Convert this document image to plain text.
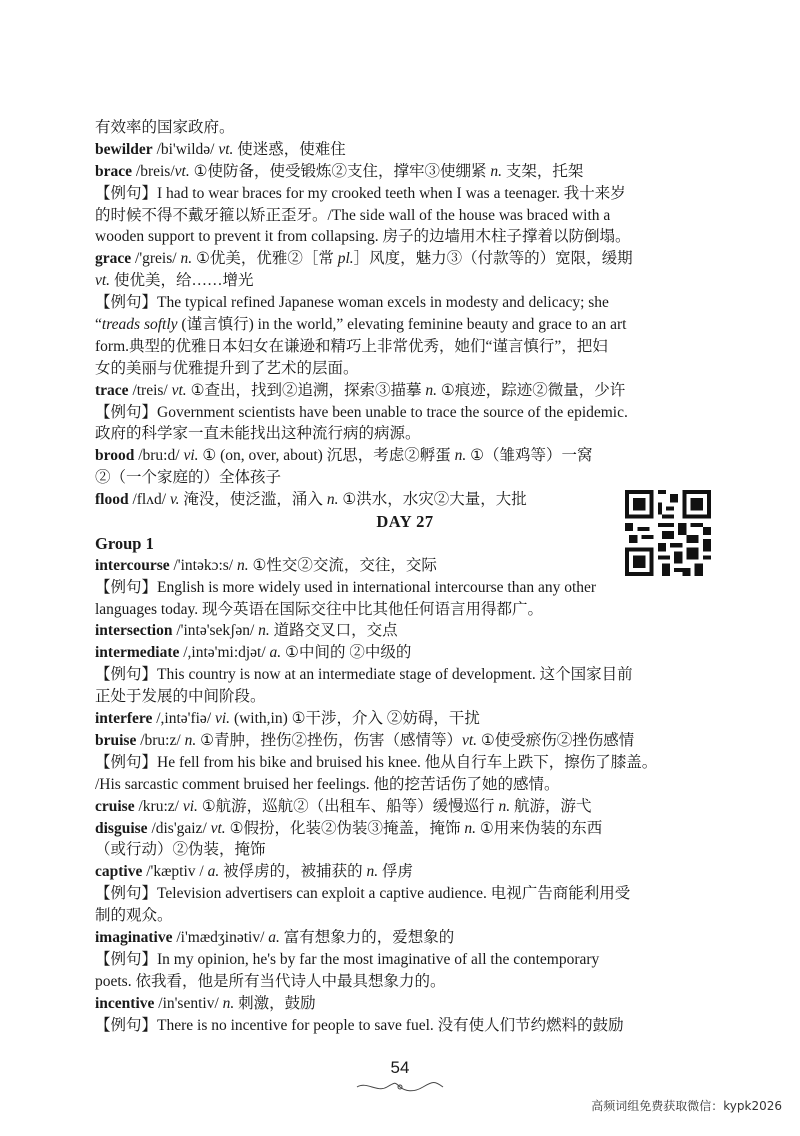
有效率的国家政府。
bewilder /bi'wildə/ vt. 使迷惑，使难住
brace /breis/vt. ①使防备，使受锻炼②支住，撑牢③使绷紧 n. 支架，托架
【例句】I had to wear braces for my crooked teeth when I was a teenager. 我十来岁
的时候不得不戴牙箍以矫正歪牙。/The side wall of the house was braced with a
wooden support to prevent it from collapsing. 房子的边墙用木柱子撑着以防倒塌。
grace /'greis/ n. ①优美，优雅②［常 pl.］风度，魅力③（付款等的）宽限，缓期
vt. 使优美，给……增光
【例句】The typical refined Japanese woman excels in modesty and delicacy; she
“treads softly (谨言慎行) in the world,” elevating feminine beauty and grace to an art
form.典型的优雅日本妇女在谦逊和精巧上非常优秀，她们“谨言慎行”，把妇
女的美丽与优雅提升到了艺术的层面。
trace /treis/ vt. ①查出，找到②追溯，探索③描摹 n. ①痕迹，踪迹②微量，少许
【例句】Government scientists have been unable to trace the source of the epidemic.
政府的科学家一直未能找出这种流行病的病源。
brood /bru:d/ vi. ① (on, over, about) 沉思，考虑②孵蛋 n. ①（雏鸡等）一窝
②（一个家庭的）全体孩子
flood /flʌd/ v. 淹没，使泛滥，涌入 n. ①洪水，水灾②大量，大批
DAY 27
Group 1
intercourse /'intəkɔ:s/ n. ①性交②交流，交往，交际
【例句】English is more widely used in international intercourse than any other
languages today. 现今英语在国际交往中比其他任何语言用得都广。
intersection /'intə'sekʃən/ n. 道路交叉口，交点
intermediate /,intə'mi:djət/ a. ①中间的 ②中级的
【例句】This country is now at an intermediate stage of development. 这个国家目前
正处于发展的中间阶段。
interfere /,intə'fiə/ vi. (with,in) ①干涉，介入 ②妨碍，干扰
bruise /bru:z/ n. ①青肿，挫伤②挫伤，伤害（感情等）vt. ①使受瘀伤②挫伤感情
【例句】He fell from his bike and bruised his knee. 他从自行车上跌下，擦伤了膝盖。
/His sarcastic comment bruised her feelings. 他的挖苦话伤了她的感情。
cruise /kru:z/ vi. ①航游，巡航②（出租车、船等）缓慢巡行 n. 航游，游弋
disguise /dis'gaiz/ vt. ①假扮，化装②伪装③掩盖，掩饰 n. ①用来伪装的东西
（或行动）②伪装，掩饰
captive /'kæptiv / a. 被俘虏的，被捕获的 n. 俘虏
【例句】Television advertisers can exploit a captive audience. 电视广告商能利用受
制的观众。
imaginative /i'mædʒinətiv/ a. 富有想象力的，爱想象的
【例句】In my opinion, he's by far the most imaginative of all the contemporary
poets. 依我看，他是所有当代诗人中最具想象力的。
incentive /in'sentiv/ n. 刺激，鼓励
【例句】There is no incentive for people to save fuel. 没有使人们节约燃料的鼓励
54
高频词组免费获取微信：kypk2026
